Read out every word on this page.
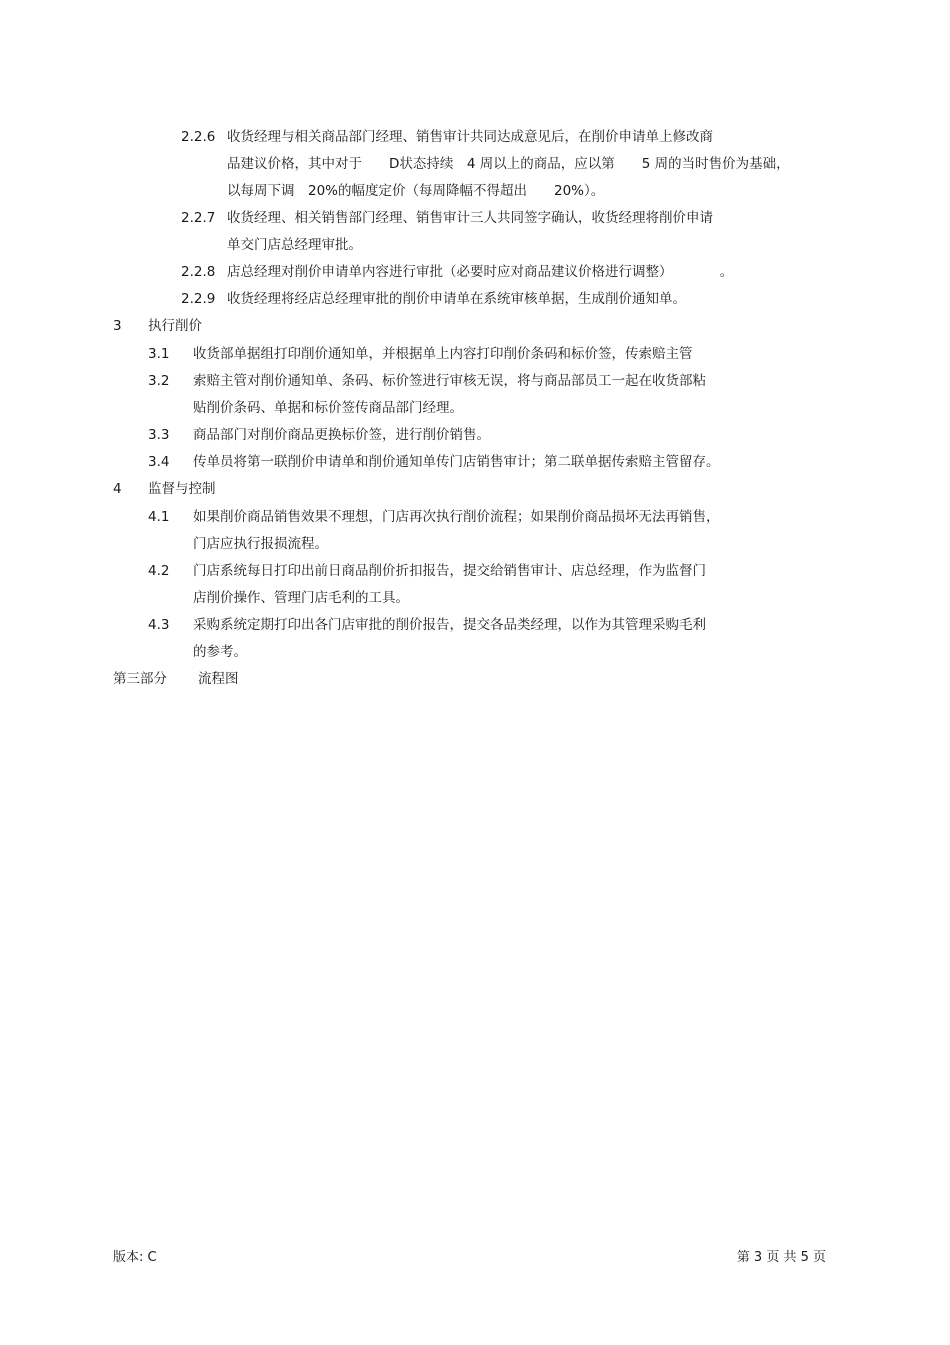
2.2.6 收货经理与相关商品部门经理、销售审计共同达成意见后，在削价申请单上修改商
品建议价格，其中对于　　D状态持续　4 周以上的商品，应以第　　5 周的当时售价为基础，
以每周下调　20%的幅度定价（每周降幅不得超出　　20%）。
2.2.7 收货经理、相关销售部门经理、销售审计三人共同签字确认，收货经理将削价申请
单交门店总经理审批。
2.2.8 店总经理对削价申请单内容进行审批（必要时应对商品建议价格进行调整）　　　　。
2.2.9 收货经理将经店总经理审批的削价申请单在系统审核单据，生成削价通知单。
3 执行削价
3.1 收货部单据组打印削价通知单，并根据单上内容打印削价条码和标价签，传索赔主管
3.2 索赔主管对削价通知单、条码、标价签进行审核无误，将与商品部员工一起在收货部粘
贴削价条码、单据和标价签传商品部门经理。
3.3 商品部门对削价商品更换标价签，进行削价销售。
3.4 传单员将第一联削价申请单和削价通知单传门店销售审计；第二联单据传索赔主管留存。
4 监督与控制
4.1 如果削价商品销售效果不理想，门店再次执行削价流程；如果削价商品损坏无法再销售，
门店应执行报损流程。
4.2 门店系统每日打印出前日商品削价折扣报告，提交给销售审计、店总经理，作为监督门
店削价操作、管理门店毛利的工具。
4.3 采购系统定期打印出各门店审批的削价报告，提交各品类经理，以作为其管理采购毛利
的参考。
第三部分 流程图
版本: C	第 3 页 共 5 页
